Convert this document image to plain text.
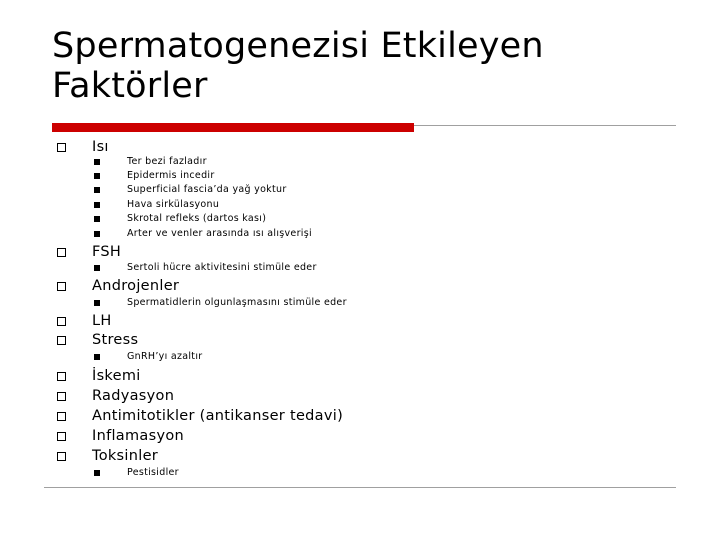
Spermatogenezisi Etkileyen Faktörler
Isı
Ter bezi fazladır
Epidermis incedir
Superficial fascia’da yağ yoktur
Hava sirkülasyonu
Skrotal refleks (dartos kası)
Arter ve venler arasında ısı alışverişi
FSH
Sertoli hücre aktivitesini stimüle eder
Androjenler
Spermatidlerin olgunlaşmasını stimüle eder
LH
Stress
GnRH’yı azaltır
İskemi
Radyasyon
Antimitotikler (antikanser tedavi)
Inflamasyon
Toksinler
Pestisidler
